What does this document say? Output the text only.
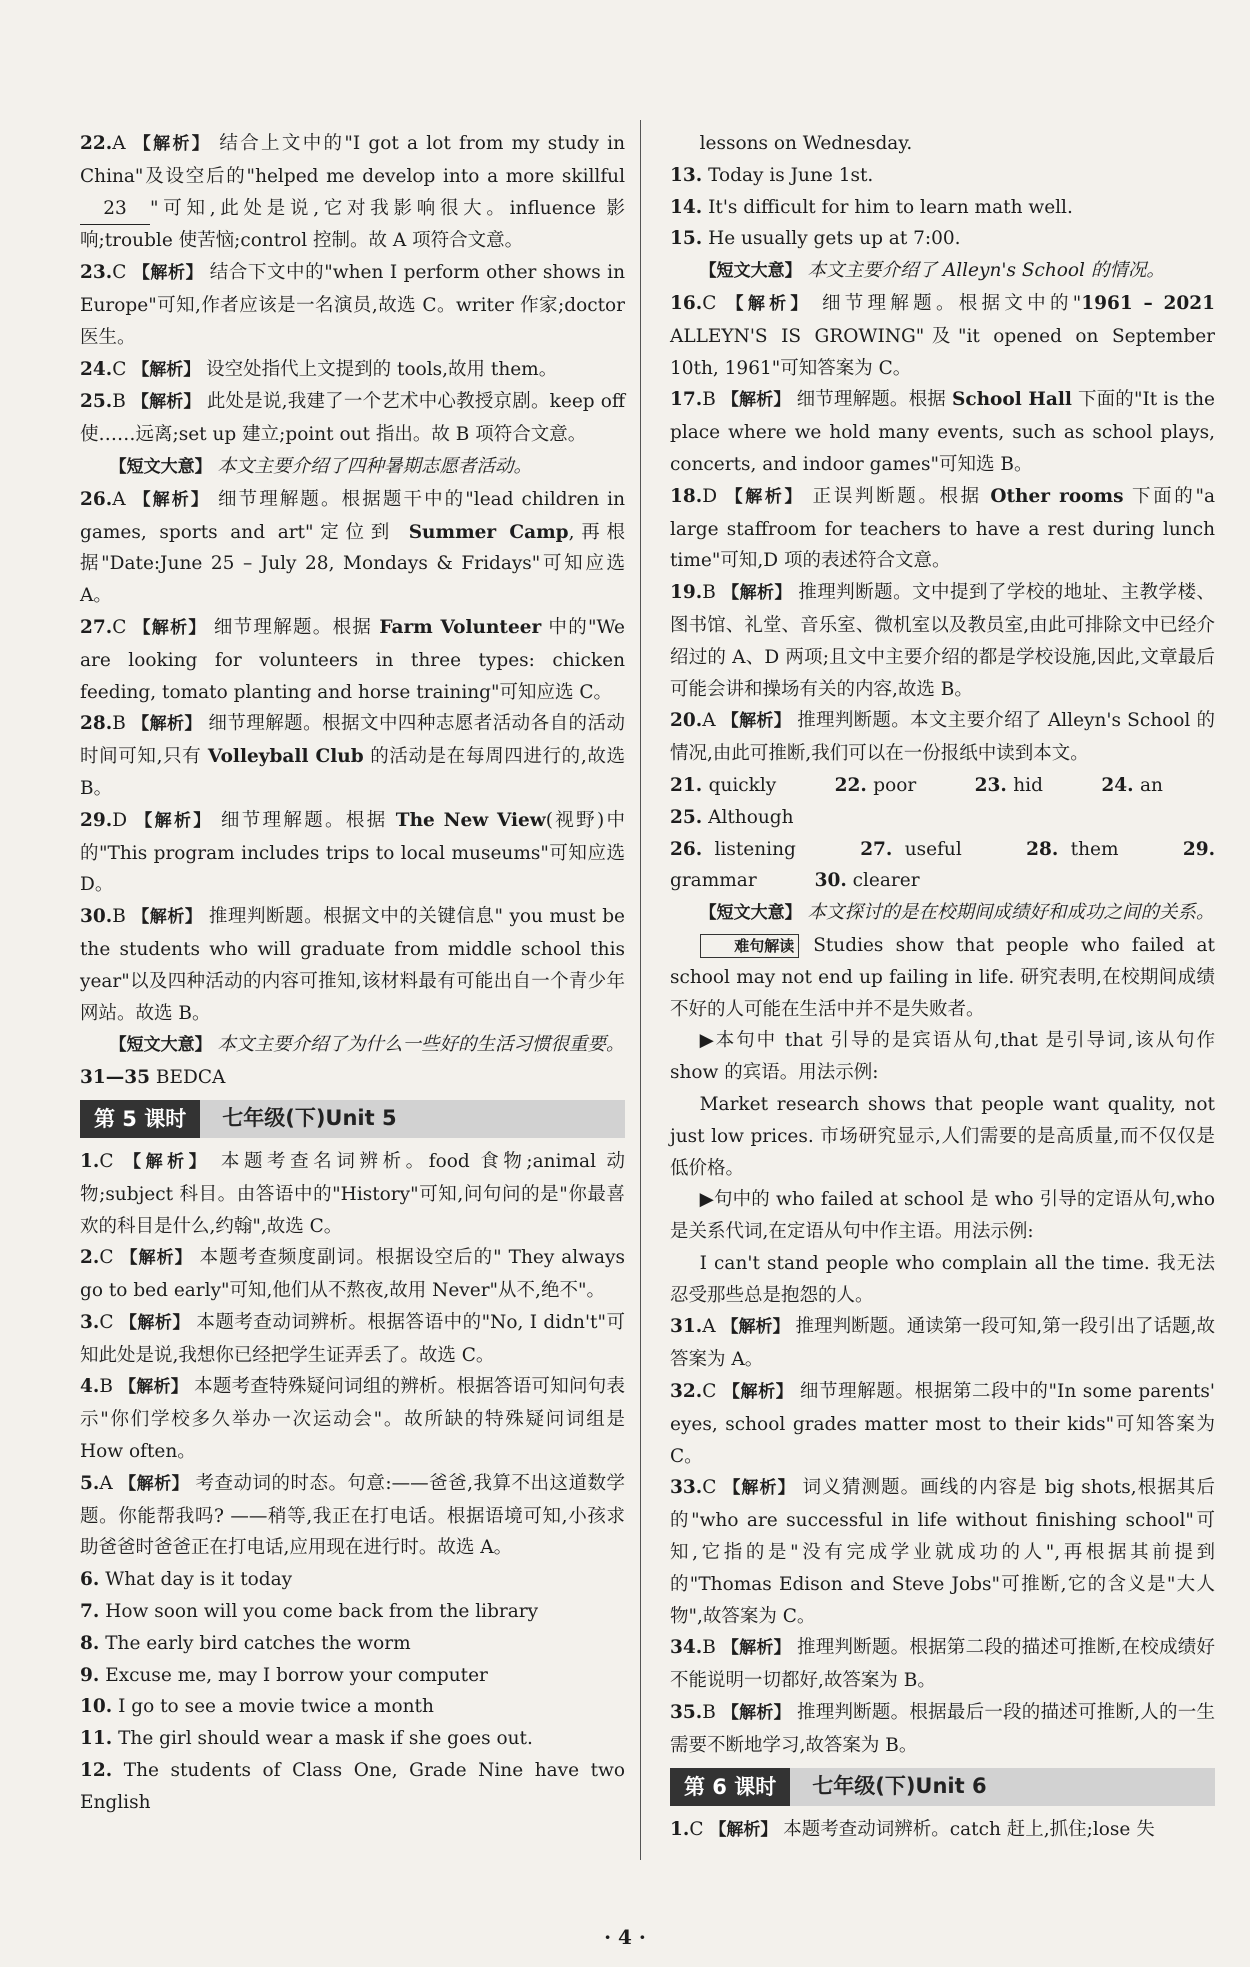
22.A 【解析】 结合上文中的"I got a lot from my study in China"及设空后的"helped me develop into a more skillful 23 "可知,此处是说,它对我影响很大。influence 影响;trouble 使苦恼;control 控制。故 A 项符合文意。

23.C 【解析】 结合下文中的"when I perform other shows in Europe"可知,作者应该是一名演员,故选 C。writer 作家;doctor 医生。

24.C 【解析】 设空处指代上文提到的 tools,故用 them。

25.B 【解析】 此处是说,我建了一个艺术中心教授京剧。keep off 使……远离;set up 建立;point out 指出。故 B 项符合文意。

【短文大意】 本文主要介绍了四种暑期志愿者活动。

26.A 【解析】 细节理解题。根据题干中的"lead children in games, sports and art"定位到 Summer Camp,再根据"Date:June 25 – July 28, Mondays & Fridays"可知应选 A。

27.C 【解析】 细节理解题。根据 Farm Volunteer 中的"We are looking for volunteers in three types: chicken feeding, tomato planting and horse training"可知应选 C。

28.B 【解析】 细节理解题。根据文中四种志愿者活动各自的活动时间可知,只有 Volleyball Club 的活动是在每周四进行的,故选 B。

29.D 【解析】 细节理解题。根据 The New View(视野)中的"This program includes trips to local museums"可知应选 D。

30.B 【解析】 推理判断题。根据文中的关键信息" you must be the students who will graduate from middle school this year"以及四种活动的内容可推知,该材料最有可能出自一个青少年网站。故选 B。

【短文大意】 本文主要介绍了为什么一些好的生活习惯很重要。

31—35 BEDCA

第 5 课时	七年级(下)Unit 5

1.C 【解析】 本题考查名词辨析。food 食物;animal 动物;subject 科目。由答语中的"History"可知,问句问的是"你最喜欢的科目是什么,约翰",故选 C。

2.C 【解析】 本题考查频度副词。根据设空后的" They always go to bed early"可知,他们从不熬夜,故用 Never"从不,绝不"。

3.C 【解析】 本题考查动词辨析。根据答语中的"No, I didn't"可知此处是说,我想你已经把学生证弄丢了。故选 C。

4.B 【解析】 本题考查特殊疑问词组的辨析。根据答语可知问句表示"你们学校多久举办一次运动会"。故所缺的特殊疑问词组是 How often。

5.A 【解析】 考查动词的时态。句意:——爸爸,我算不出这道数学题。你能帮我吗? ——稍等,我正在打电话。根据语境可知,小孩求助爸爸时爸爸正在打电话,应用现在进行时。故选 A。

6. What day is it today

7. How soon will you come back from the library

8. The early bird catches the worm

9. Excuse me, may I borrow your computer

10. I go to see a movie twice a month

11. The girl should wear a mask if she goes out.

12. The students of Class One, Grade Nine have two English

lessons on Wednesday.

13. Today is June 1st.

14. It's difficult for him to learn math well.

15. He usually gets up at 7:00.

【短文大意】 本文主要介绍了 Alleyn's School 的情况。

16.C 【解析】 细节理解题。根据文中的"1961 – 2021 ALLEYN'S IS GROWING"及"it opened on September 10th, 1961"可知答案为 C。

17.B 【解析】 细节理解题。根据 School Hall 下面的"It is the place where we hold many events, such as school plays, concerts, and indoor games"可知选 B。

18.D 【解析】 正误判断题。根据 Other rooms 下面的"a large staffroom for teachers to have a rest during lunch time"可知,D 项的表述符合文意。

19.B 【解析】 推理判断题。文中提到了学校的地址、主教学楼、图书馆、礼堂、音乐室、微机室以及教员室,由此可排除文中已经介绍过的 A、D 两项;且文中主要介绍的都是学校设施,因此,文章最后可能会讲和操场有关的内容,故选 B。

20.A 【解析】 推理判断题。本文主要介绍了 Alleyn's School 的情况,由此可推断,我们可以在一份报纸中读到本文。

21. quickly	22. poor	23. hid	24. an 25. Although

26. listening	27. useful	28. them	29. grammar	30. clearer

【短文大意】 本文探讨的是在校期间成绩好和成功之间的关系。

难句解读 Studies show that people who failed at school may not end up failing in life. 研究表明,在校期间成绩不好的人可能在生活中并不是失败者。

▶本句中 that 引导的是宾语从句,that 是引导词,该从句作 show 的宾语。用法示例:

Market research shows that people want quality, not just low prices. 市场研究显示,人们需要的是高质量,而不仅仅是低价格。

▶句中的 who failed at school 是 who 引导的定语从句,who 是关系代词,在定语从句中作主语。用法示例:

I can't stand people who complain all the time. 我无法忍受那些总是抱怨的人。

31.A 【解析】 推理判断题。通读第一段可知,第一段引出了话题,故答案为 A。

32.C 【解析】 细节理解题。根据第二段中的"In some parents' eyes, school grades matter most to their kids"可知答案为 C。

33.C 【解析】 词义猜测题。画线的内容是 big shots,根据其后的"who are successful in life without finishing school"可知,它指的是"没有完成学业就成功的人",再根据其前提到的"Thomas Edison and Steve Jobs"可推断,它的含义是"大人物",故答案为 C。

34.B 【解析】 推理判断题。根据第二段的描述可推断,在校成绩好不能说明一切都好,故答案为 B。

35.B 【解析】 推理判断题。根据最后一段的描述可推断,人的一生需要不断地学习,故答案为 B。

第 6 课时	七年级(下)Unit 6

1.C 【解析】 本题考查动词辨析。catch 赶上,抓住;lose 失

· 4 ·
